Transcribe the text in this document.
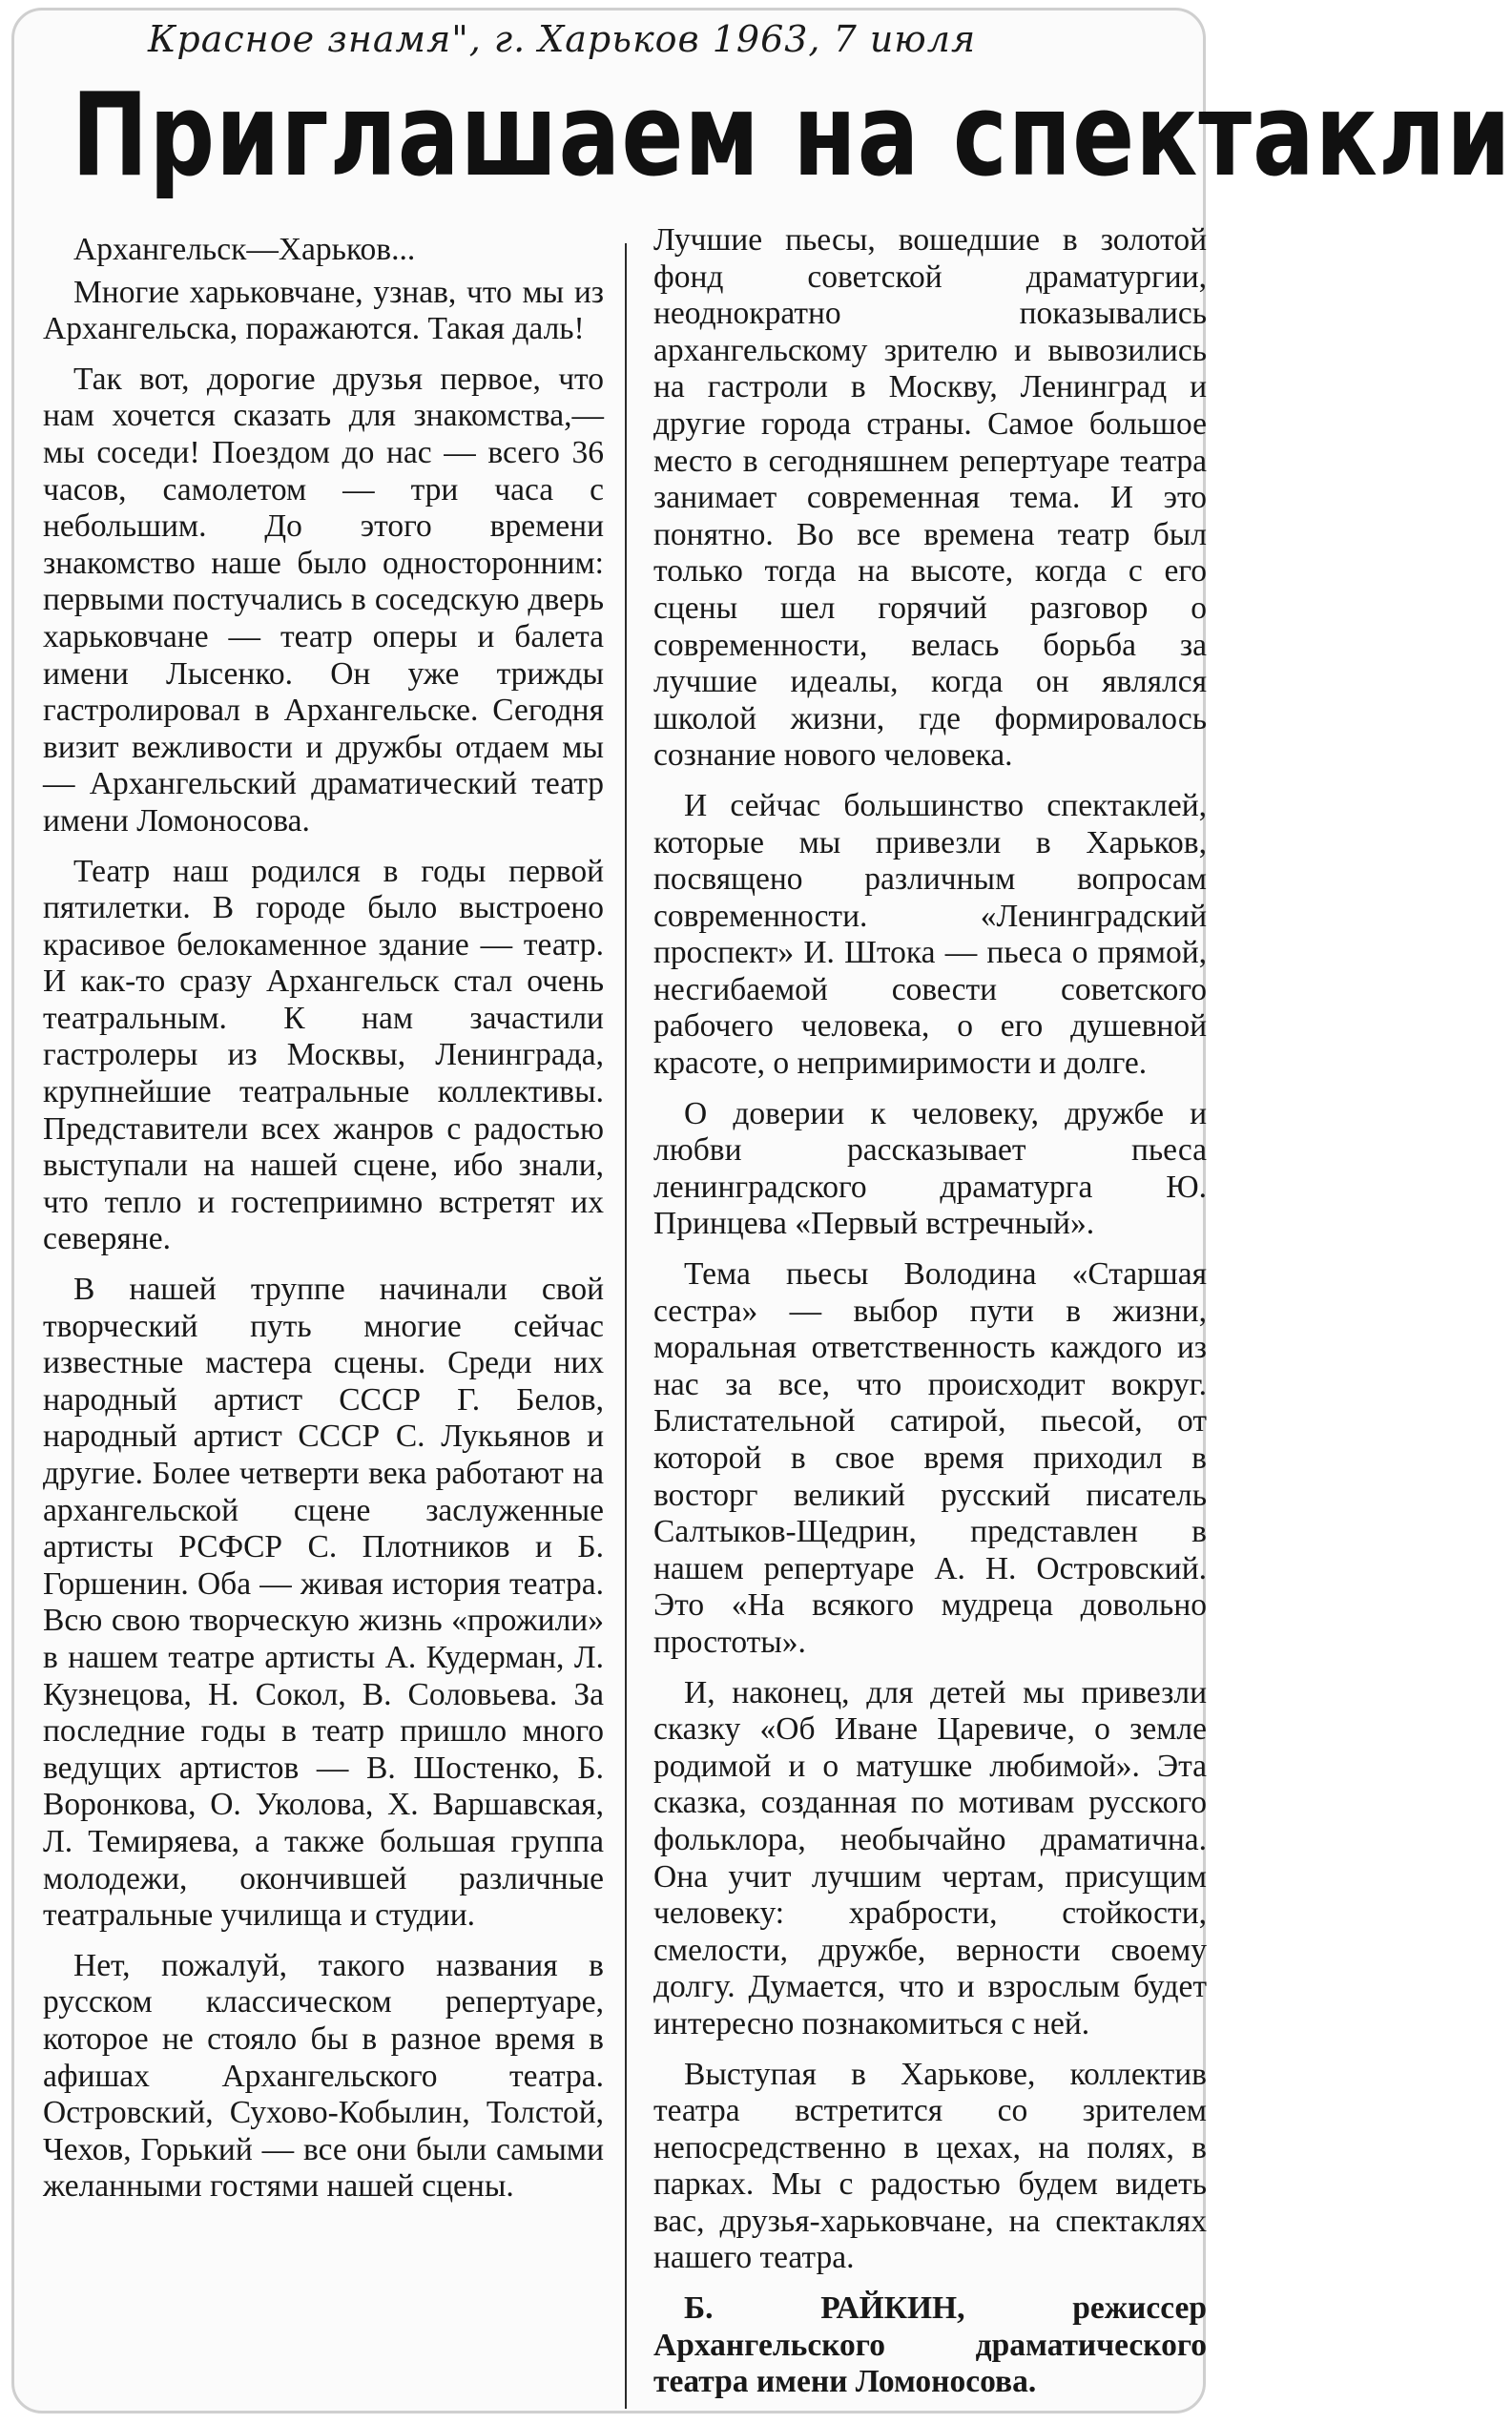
Красное знамя", г. Харьков 1963, 7 июля
Приглашаем на спектакли

Архангельск—Харьков...

Многие харьковчане, узнав, что мы из Архангельска, поражаются. Такая даль!

Так вот, дорогие друзья первое, что нам хочется сказать для знакомства,— мы соседи! Поездом до нас — всего 36 часов, самолетом — три часа с небольшим. До этого времени знакомство наше было односторонним: первыми постучались в соседскую дверь харьковчане — театр оперы и балета имени Лысенко. Он уже трижды гастролировал в Архангельске. Сегодня визит вежливости и дружбы отдаем мы — Архангельский драматический театр имени Ломоносова.

Театр наш родился в годы первой пятилетки. В городе было выстроено красивое белокаменное здание — театр. И как-то сразу Архангельск стал очень театральным. К нам зачастили гастролеры из Москвы, Ленинграда, крупнейшие театральные коллективы. Представители всех жанров с радостью выступали на нашей сцене, ибо знали, что тепло и гостеприимно встретят их северяне.

В нашей труппе начинали свой творческий путь многие сейчас известные мастера сцены. Среди них народный артист СССР Г. Белов, народный артист СССР С. Лукьянов и другие. Более четверти века работают на архангельской сцене заслуженные артисты РСФСР С. Плотников и Б. Горшенин. Оба — живая история театра. Всю свою творческую жизнь «прожили» в нашем театре артисты А. Кудерман, Л. Кузнецова, Н. Сокол, В. Соловьева. За последние годы в театр пришло много ведущих артистов — В. Шостенко, Б. Воронкова, О. Уколова, Х. Варшавская, Л. Темиряева, а также большая группа молодежи, окончившей различные театральные училища и студии.

Нет, пожалуй, такого названия в русском классическом репертуаре, которое не стояло бы в разное время в афишах Архангельского театра. Островский, Сухово-Кобылин, Толстой, Чехов, Горький — все они были самыми желанными гостями нашей сцены.

Лучшие пьесы, вошедшие в золотой фонд советской драматургии, неоднократно показывались архангельскому зрителю и вывозились на гастроли в Москву, Ленинград и другие города страны. Самое большое место в сегодняшнем репертуаре театра занимает современная тема. И это понятно. Во все времена театр был только тогда на высоте, когда с его сцены шел горячий разговор о современности, велась борьба за лучшие идеалы, когда он являлся школой жизни, где формировалось сознание нового человека.

И сейчас большинство спектаклей, которые мы привезли в Харьков, посвящено различным вопросам современности. «Ленинградский проспект» И. Штока — пьеса о прямой, несгибаемой совести советского рабочего человека, о его душевной красоте, о непримиримости и долге.

О доверии к человеку, дружбе и любви рассказывает пьеса ленинградского драматурга Ю. Принцева «Первый встречный».

Тема пьесы Володина «Старшая сестра» — выбор пути в жизни, моральная ответственность каждого из нас за все, что происходит вокруг. Блистательной сатирой, пьесой, от которой в свое время приходил в восторг великий русский писатель Салтыков-Щедрин, представлен в нашем репертуаре А. Н. Островский. Это «На всякого мудреца довольно простоты».

И, наконец, для детей мы привезли сказку «Об Иване Царевиче, о земле родимой и о матушке любимой». Эта сказка, созданная по мотивам русского фольклора, необычайно драматична. Она учит лучшим чертам, присущим человеку: храбрости, стойкости, смелости, дружбе, верности своему долгу. Думается, что и взрослым будет интересно познакомиться с ней.

Выступая в Харькове, коллектив театра встретится со зрителем непосредственно в цехах, на полях, в парках. Мы с радостью будем видеть вас, друзья-харьковчане, на спектаклях нашего театра.

Б. РАЙКИН, режиссер Архангельского драматического театра имени Ломоносова.
